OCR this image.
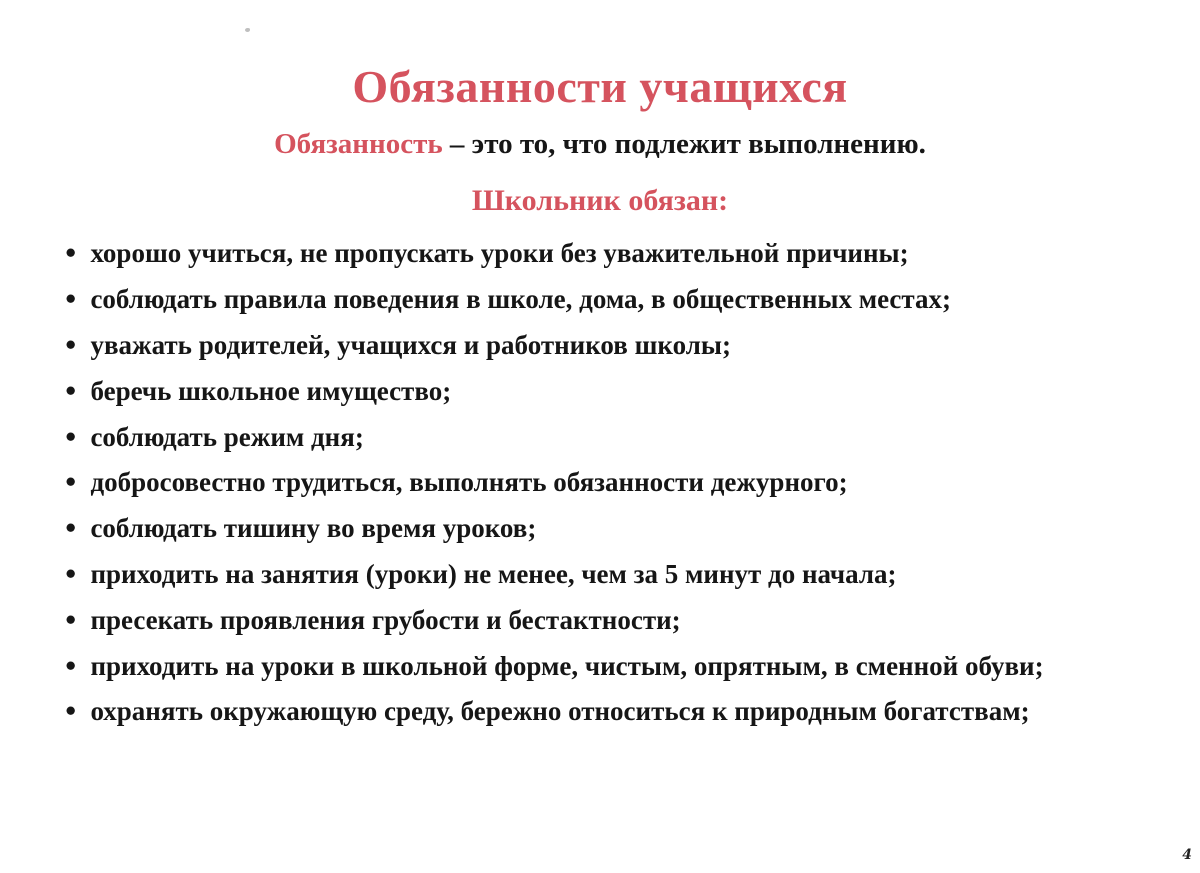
Обязанности учащихся

Обязанность – это то, что подлежит выполнению.

Школьник обязан:
• хорошо учиться, не пропускать уроки без уважительной причины;
• соблюдать правила поведения в школе, дома, в общественных местах;
• уважать родителей, учащихся и работников школы;
• беречь школьное имущество;
• соблюдать режим дня;
• добросовестно трудиться, выполнять обязанности дежурного;
• соблюдать тишину во время уроков;
• приходить на занятия (уроки) не менее, чем за 5 минут до начала;
• пресекать проявления грубости и бестактности;
• приходить на уроки в школьной форме, чистым, опрятным, в сменной обуви;
• охранять окружающую среду, бережно относиться к природным богатствам;
4
